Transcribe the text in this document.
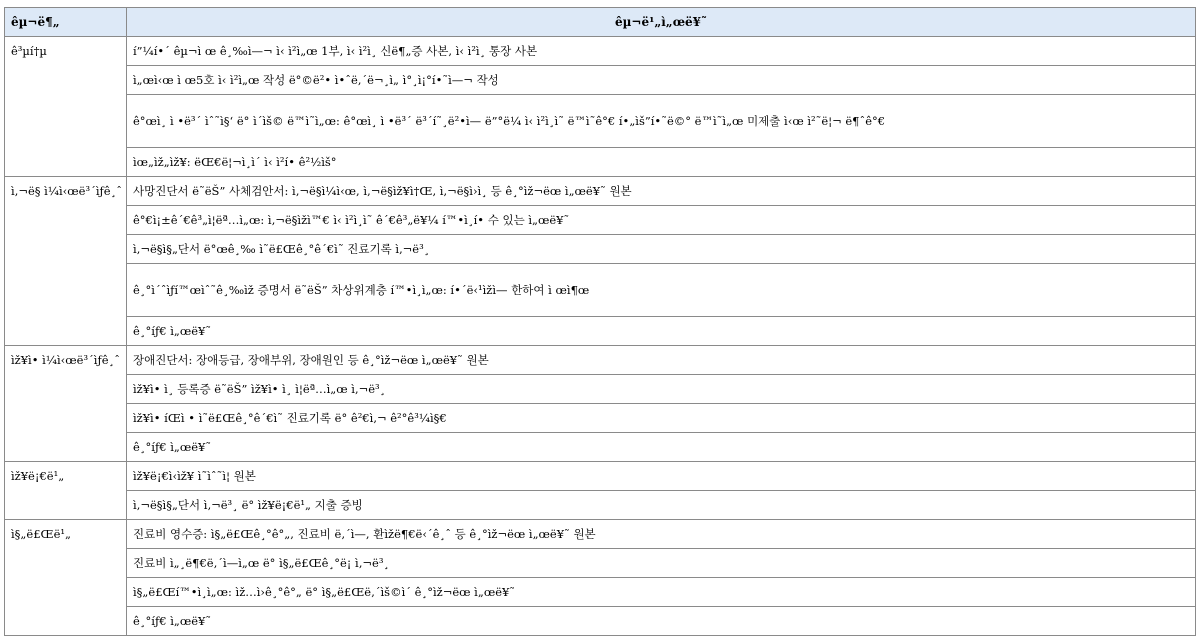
êµ¬ë¶„	êµ¬ë¹„ì„œë¥˜
ê³µí†µ	í”¼í•´ êµ¬ì œ ê¸‰ì—¬ ì‹ ì²ì„œ 1부, ì‹ ì²ì¸ 신ë¶„증 사본, ì‹ ì²ì¸ 통장 사본
	ì„œì‹œ ì œ5호 ì‹ ì²ì„œ 작성 ë°©ë²• ì•ˆë‚´ë¬¸ì„ ì°¸ì¡°í•˜ì—¬ 작성
	ê°œì¸ ì •ë³´ ìˆ˜ì§‘ ë° ì´ìš© ë™ì˜ì„œ: ê°œì¸ ì •ë³´ ë³´í˜¸ë²•ì— ë”°ë¼ ì‹ ì²ì¸ì˜ ë™ì˜ê°€ í•„ìš”í•˜ë©° ë™ì˜ì„œ 미제출 ì‹œ ì²˜ë¦¬ ë¶ˆê°€
	ìœ„ìž„ìž¥: ëŒ€ë¦¬ì¸ì´ ì‹ ì²í• ê²½ìš°
ì‚¬ë§ ì¼ì‹œë³´ìƒê¸ˆ	사망진단서 ë˜ëŠ” 사체검안서: ì‚¬ë§ì¼ì‹œ, ì‚¬ë§ìž¥ì†Œ, ì‚¬ë§ì›ì¸ 등 ê¸°ìž¬ëœ ì„œë¥˜ 원본
	ê°€ì¡±ê´€ê³„ì¦ëª…ì„œ: ì‚¬ë§ìžì™€ ì‹ ì²ì¸ì˜ ê´€ê³„ë¥¼ í™•ì¸í• 수 있는 ì„œë¥˜
	ì‚¬ë§ì§„단서 ë°œê¸‰ ì˜ë£Œê¸°ê´€ì˜ 진료기록 ì‚¬ë³¸
	ê¸°ì´ˆìƒí™œìˆ˜ê¸‰ìž 증명서 ë˜ëŠ” 차상위계층 í™•ì¸ì„œ: í•´ë‹¹ìžì— 한하여 ì œì¶œ
	ê¸°íƒ€ ì„œë¥˜
ìž¥ì• ì¼ì‹œë³´ìƒê¸ˆ	장애진단서: 장애등급, 장애부위, 장애원인 등 ê¸°ìž¬ëœ ì„œë¥˜ 원본
	ìž¥ì• ì¸ 등록증 ë˜ëŠ” ìž¥ì• ì¸ ì¦ëª…ì„œ ì‚¬ë³¸
	ìž¥ì• íŒì • ì˜ë£Œê¸°ê´€ì˜ 진료기록 ë° ê²€ì‚¬ ê²°ê³¼ì§€
	ê¸°íƒ€ ì„œë¥˜
ìž¥ë¡€ë¹„	ìž¥ë¡€ì‹ìž¥ ì˜ìˆ˜ì¦ 원본
	ì‚¬ë§ì§„단서 ì‚¬ë³¸ ë° ìž¥ë¡€ë¹„ 지출 증빙
ì§„ë£Œë¹„	진료비 영수증: ì§„ë£Œê¸°ê°„, 진료비 ë‚´ì—, 환ìžë¶€ë‹´ê¸ˆ 등 ê¸°ìž¬ëœ ì„œë¥˜ 원본
	진료비 ì„¸ë¶€ë‚´ì—ì„œ ë° ì§„ë£Œê¸°ë¡ ì‚¬ë³¸
	ì§„ë£Œí™•ì¸ì„œ: ìž…ì›ê¸°ê°„ ë° ì§„ë£Œë‚´ìš©ì´ ê¸°ìž¬ëœ ì„œë¥˜
	ê¸°íƒ€ ì„œë¥˜
